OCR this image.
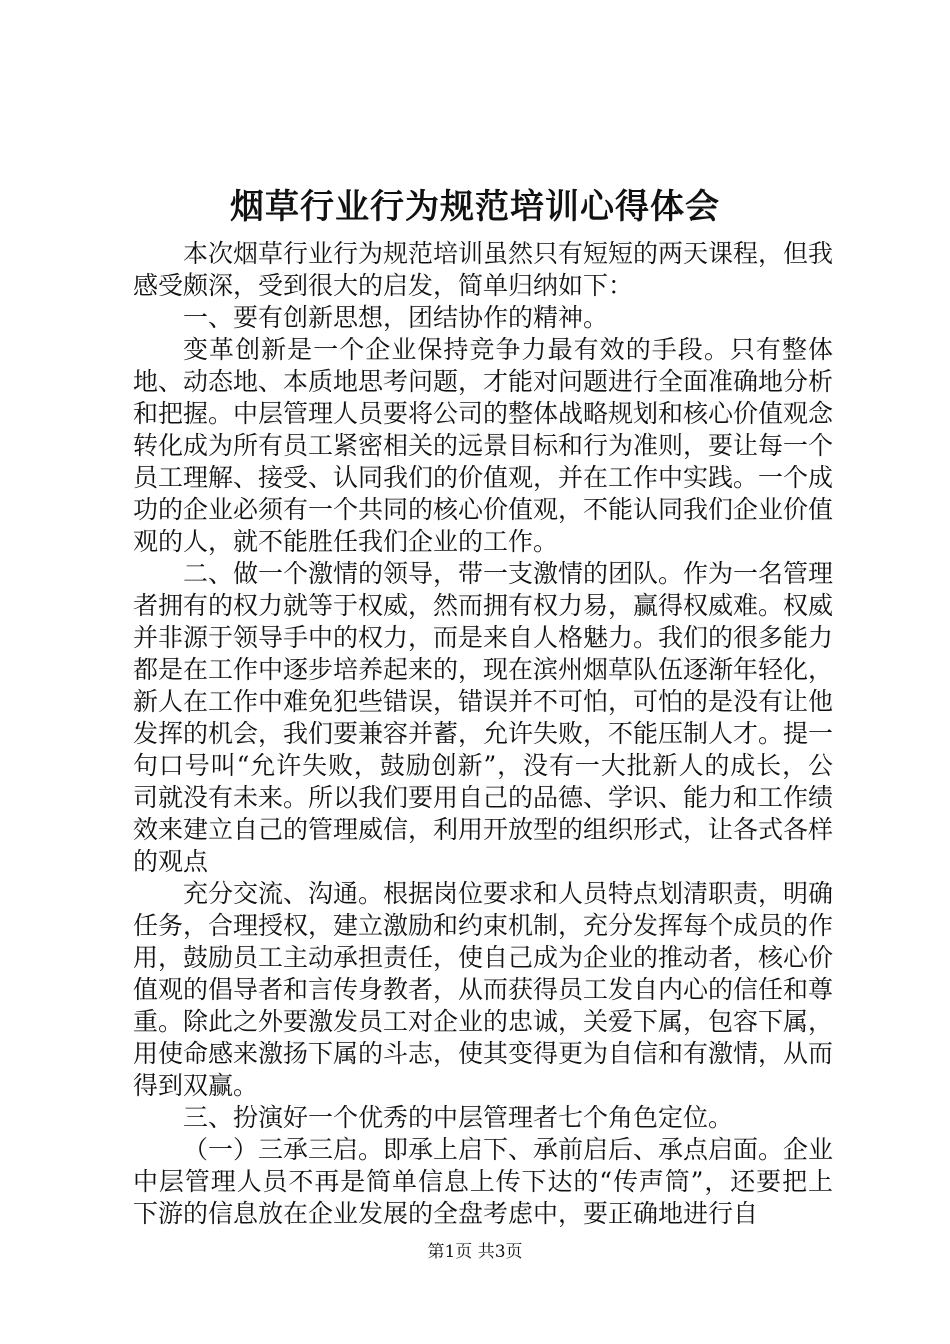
烟草行业行为规范培训心得体会

本次烟草行业行为规范培训虽然只有短短的两天课程，但我感受颇深，受到很大的启发，简单归纳如下：

一、要有创新思想，团结协作的精神。

变革创新是一个企业保持竞争力最有效的手段。只有整体地、动态地、本质地思考问题，才能对问题进行全面准确地分析和把握。中层管理人员要将公司的整体战略规划和核心价值观念转化成为所有员工紧密相关的远景目标和行为准则，要让每一个员工理解、接受、认同我们的价值观，并在工作中实践。一个成功的企业必须有一个共同的核心价值观，不能认同我们企业价值观的人，就不能胜任我们企业的工作。

二、做一个激情的领导，带一支激情的团队。作为一名管理者拥有的权力就等于权威，然而拥有权力易，赢得权威难。权威并非源于领导手中的权力，而是来自人格魅力。我们的很多能力都是在工作中逐步培养起来的，现在滨州烟草队伍逐渐年轻化，新人在工作中难免犯些错误，错误并不可怕，可怕的是没有让他发挥的机会，我们要兼容并蓄，允许失败，不能压制人才。提一句口号叫“允许失败，鼓励创新”，没有一大批新人的成长，公司就没有未来。所以我们要用自己的品德、学识、能力和工作绩效来建立自己的管理威信，利用开放型的组织形式，让各式各样的观点

充分交流、沟通。根据岗位要求和人员特点划清职责，明确任务，合理授权，建立激励和约束机制，充分发挥每个成员的作用，鼓励员工主动承担责任，使自己成为企业的推动者，核心价值观的倡导者和言传身教者，从而获得员工发自内心的信任和尊重。除此之外要激发员工对企业的忠诚，关爱下属，包容下属，用使命感来激扬下属的斗志，使其变得更为自信和有激情，从而得到双赢。

三、扮演好一个优秀的中层管理者七个角色定位。

（一）三承三启。即承上启下、承前启后、承点启面。企业中层管理人员不再是简单信息上传下达的“传声筒”，还要把上下游的信息放在企业发展的全盘考虑中，要正确地进行自

第1页 共3页
